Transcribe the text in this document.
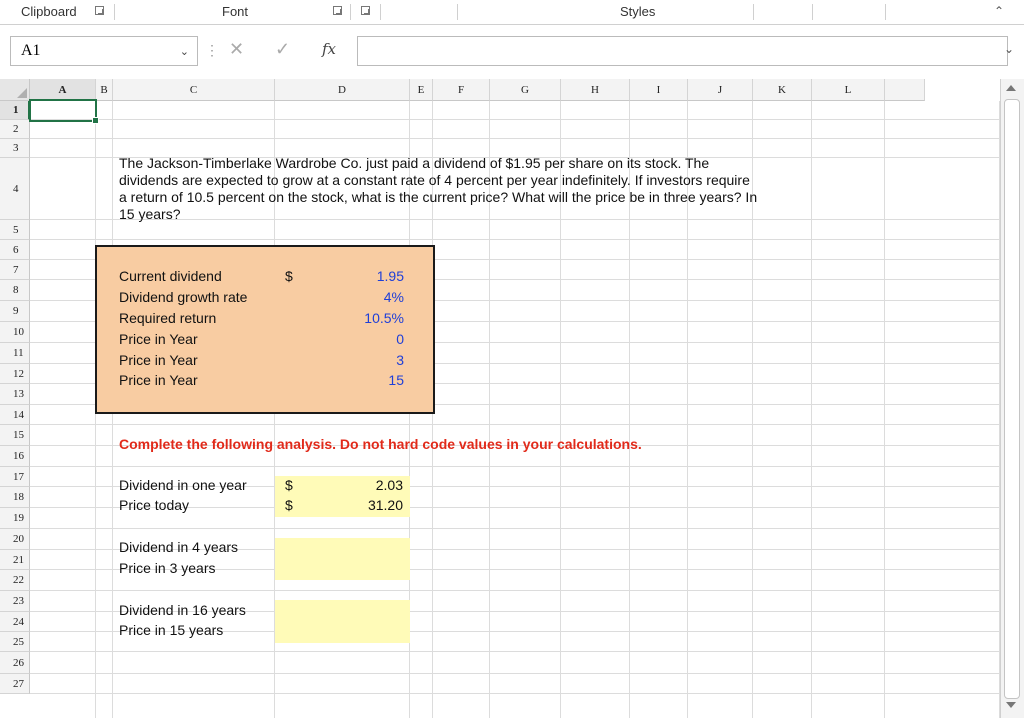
Clipboard	Font	Styles	⌃
A1	⌄ ⋮ ✕ ✓ fx	⌄
A	B	C	D	E	F	G	H	I	J	K	L
1
2
3
4
5
6
7
8
9
10
11
12
13
14
15
16
17
18
19
20
21
22
23
24
25
26
27
The Jackson-Timberlake Wardrobe Co. just paid a dividend of $1.95 per share on its stock. The dividends are expected to grow at a constant rate of 4 percent per year indefinitely. If investors require a return of 10.5 percent on the stock, what is the current price? What will the price be in three years? In 15 years?
Current dividend	$	1.95
Dividend growth rate	4%
Required return	10.5%
Price in Year	0
Price in Year	3
Price in Year	15
Complete the following analysis. Do not hard code values in your calculations.
Dividend in one year	$	2.03
Price today	$	31.20
Dividend in 4 years
Price in 3 years
Dividend in 16 years
Price in 15 years
